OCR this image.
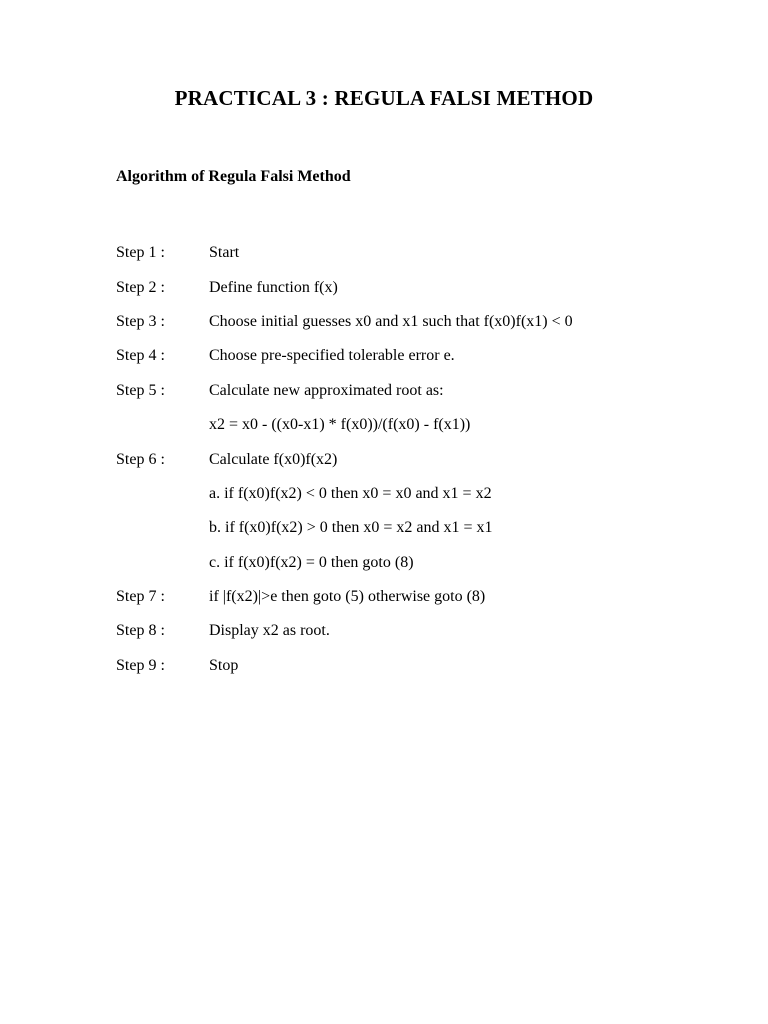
PRACTICAL 3 : REGULA FALSI METHOD
Algorithm of Regula Falsi Method
Step 1 :	Start
Step 2 :	Define function f(x)
Step 3 :	Choose initial guesses x0 and x1 such that f(x0)f(x1) < 0
Step 4 :	Choose pre-specified tolerable error e.
Step 5 :	Calculate new approximated root as:
x2 = x0 - ((x0-x1) * f(x0))/(f(x0) - f(x1))
Step 6 :	Calculate f(x0)f(x2)
a. if f(x0)f(x2) < 0 then x0 = x0 and x1 = x2
b. if f(x0)f(x2) > 0 then x0 = x2 and x1 = x1
c. if f(x0)f(x2) = 0 then goto (8)
Step 7 :	if |f(x2)|>e then goto (5) otherwise goto (8)
Step 8 :	Display x2 as root.
Step 9 :	Stop
